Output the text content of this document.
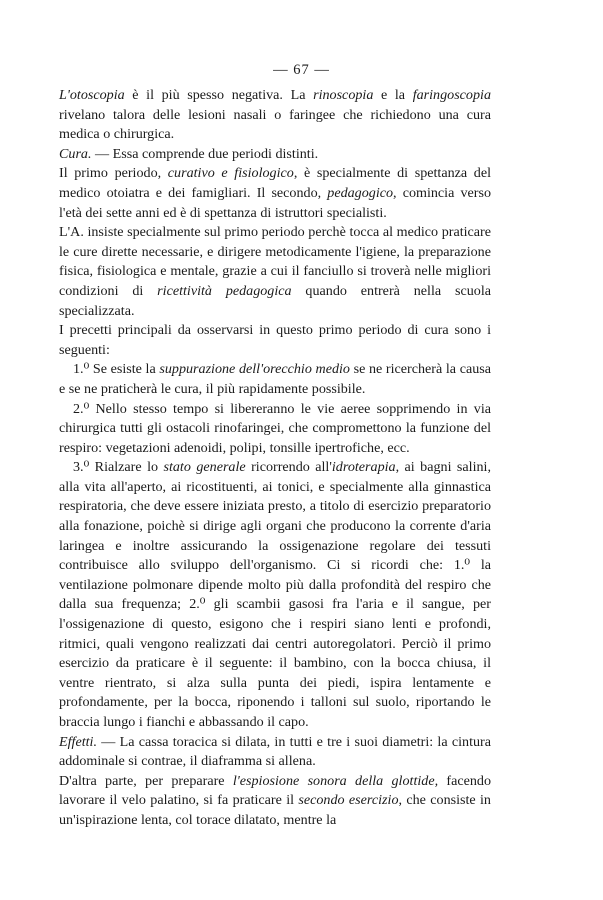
— 67 —

L'otoscopia è il più spesso negativa. La rinoscopia e la faringoscopia rivelano talora delle lesioni nasali o faringee che richiedono una cura medica o chirurgica.

Cura. — Essa comprende due periodi distinti.

Il primo periodo, curativo e fisiologico, è specialmente di spettanza del medico otoiatra e dei famigliari. Il secondo, pedagogico, comincia verso l'età dei sette anni ed è di spettanza di istruttori specialisti.

L'A. insiste specialmente sul primo periodo perchè tocca al medico praticare le cure dirette necessarie, e dirigere metodicamente l'igiene, la preparazione fisica, fisiologica e mentale, grazie a cui il fanciullo si troverà nelle migliori condizioni di ricettività pedagogica quando entrerà nella scuola specializzata.

I precetti principali da osservarsi in questo primo periodo di cura sono i seguenti:

1.⁰ Se esiste la suppurazione dell'orecchio medio se ne ricercherà la causa e se ne praticherà le cura, il più rapidamente possibile.

2.⁰ Nello stesso tempo si libereranno le vie aeree sopprimendo in via chirurgica tutti gli ostacoli rinofaringei, che compromettono la funzione del respiro: vegetazioni adenoidi, polipi, tonsille ipertrofiche, ecc.

3.⁰ Rialzare lo stato generale ricorrendo all'idroterapia, ai bagni salini, alla vita all'aperto, ai ricostituenti, ai tonici, e specialmente alla ginnastica respiratoria, che deve essere iniziata presto, a titolo di esercizio preparatorio alla fonazione, poichè si dirige agli organi che producono la corrente d'aria laringea e inoltre assicurando la ossigenazione regolare dei tessuti contribuisce allo sviluppo dell'organismo. Ci si ricordi che: 1.⁰ la ventilazione polmonare dipende molto più dalla profondità del respiro che dalla sua frequenza; 2.⁰ gli scambii gasosi fra l'aria e il sangue, per l'ossigenazione di questo, esigono che i respiri siano lenti e profondi, ritmici, quali vengono realizzati dai centri autoregolatori. Perciò il primo esercizio da praticare è il seguente: il bambino, con la bocca chiusa, il ventre rientrato, si alza sulla punta dei piedi, ispira lentamente e profondamente, per la bocca, riponendo i talloni sul suolo, riportando le braccia lungo i fianchi e abbassando il capo.

Effetti. — La cassa toracica si dilata, in tutti e tre i suoi diametri: la cintura addominale si contrae, il diaframma si allena.

D'altra parte, per preparare l'espiosione sonora della glottide, facendo lavorare il velo palatino, si fa praticare il secondo esercizio, che consiste in un'ispirazione lenta, col torace dilatato, mentre la
